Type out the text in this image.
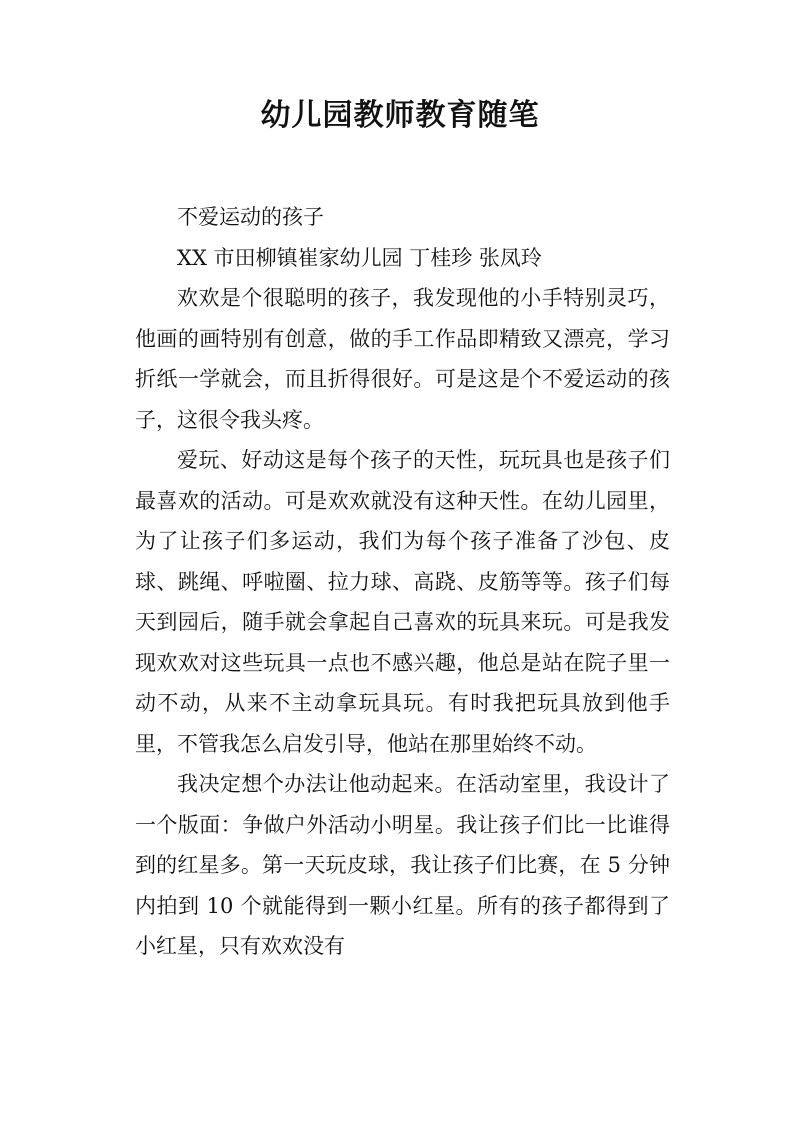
幼儿园教师教育随笔

不爱运动的孩子

XX 市田柳镇崔家幼儿园 丁桂珍 张凤玲

欢欢是个很聪明的孩子，我发现他的小手特别灵巧，他画的画特别有创意，做的手工作品即精致又漂亮，学习折纸一学就会，而且折得很好。可是这是个不爱运动的孩子，这很令我头疼。

爱玩、好动这是每个孩子的天性，玩玩具也是孩子们最喜欢的活动。可是欢欢就没有这种天性。在幼儿园里，为了让孩子们多运动，我们为每个孩子准备了沙包、皮球、跳绳、呼啦圈、拉力球、高跷、皮筋等等。孩子们每天到园后，随手就会拿起自己喜欢的玩具来玩。可是我发现欢欢对这些玩具一点也不感兴趣，他总是站在院子里一动不动，从来不主动拿玩具玩。有时我把玩具放到他手里，不管我怎么启发引导，他站在那里始终不动。

我决定想个办法让他动起来。在活动室里，我设计了一个版面：争做户外活动小明星。我让孩子们比一比谁得到的红星多。第一天玩皮球，我让孩子们比赛，在 5 分钟内拍到 10 个就能得到一颗小红星。所有的孩子都得到了小红星，只有欢欢没有
